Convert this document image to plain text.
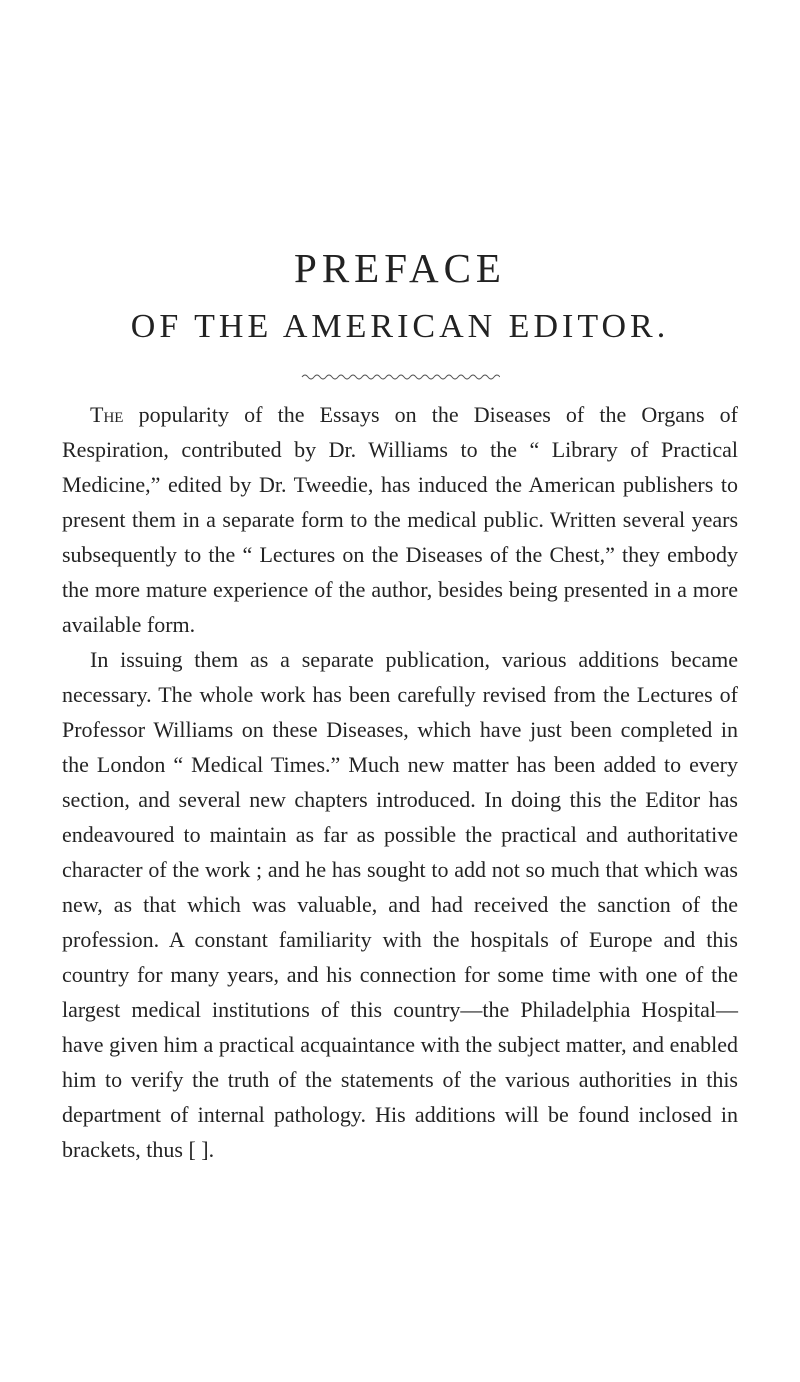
PREFACE
OF THE AMERICAN EDITOR.

The popularity of the Essays on the Diseases of the Organs of Respiration, contributed by Dr. Williams to the “ Library of Practical Medicine,” edited by Dr. Tweedie, has induced the American publishers to present them in a separate form to the medical public. Written several years subsequently to the “ Lectures on the Diseases of the Chest,” they embody the more mature experience of the author, besides being presented in a more available form.

In issuing them as a separate publication, various additions became necessary. The whole work has been carefully revised from the Lectures of Professor Williams on these Diseases, which have just been completed in the London “ Medical Times.” Much new matter has been added to every section, and several new chapters introduced. In doing this the Editor has endeavoured to maintain as far as possible the practical and authoritative character of the work ; and he has sought to add not so much that which was new, as that which was valuable, and had received the sanction of the profession. A constant familiarity with the hospitals of Europe and this country for many years, and his connection for some time with one of the largest medical institutions of this country—the Philadelphia Hospital—have given him a practical acquaintance with the subject matter, and enabled him to verify the truth of the statements of the various authorities in this department of internal pathology. His additions will be found inclosed in brackets, thus [ ].
